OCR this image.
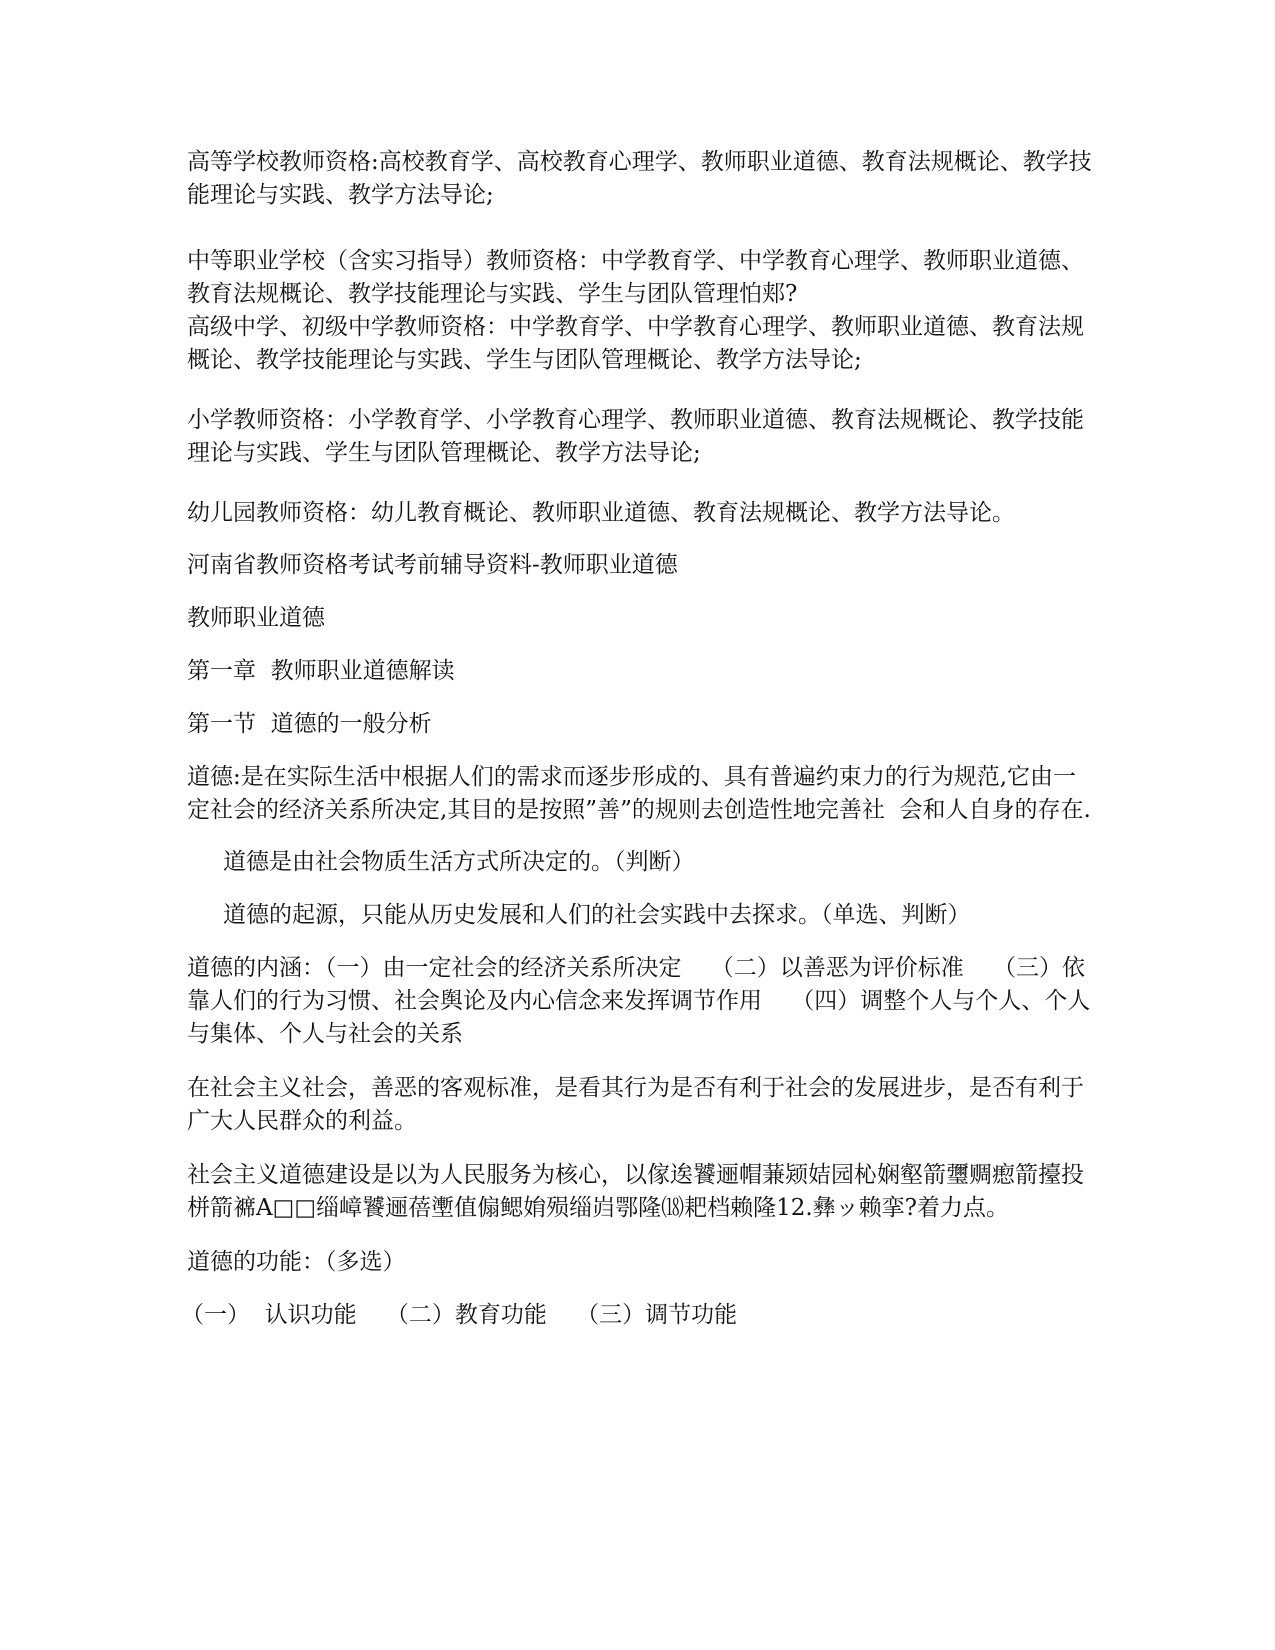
高等学校教师资格:高校教育学、高校教育心理学、教师职业道德、教育法规概论、教学技能理论与实践、教学方法导论;

中等职业学校（含实习指导）教师资格：中学教育学、中学教育心理学、教师职业道德、教育法规概论、教学技能理论与实践、学生与团队管理怕郏?

高级中学、初级中学教师资格：中学教育学、中学教育心理学、教师职业道德、教育法规概论、教学技能理论与实践、学生与团队管理概论、教学方法导论;

小学教师资格：小学教育学、小学教育心理学、教师职业道德、教育法规概论、教学技能理论与实践、学生与团队管理概论、教学方法导论;

幼儿园教师资格：幼儿教育概论、教师职业道德、教育法规概论、教学方法导论。

河南省教师资格考试考前辅导资料-教师职业道德

教师职业道德

第一章  教师职业道德解读

第一节  道德的一般分析

道德:是在实际生活中根据人们的需求而逐步形成的、具有普遍约束力的行为规范,它由一定社会的经济关系所决定,其目的是按照”善”的规则去创造性地完善社  会和人自身的存在.

道德是由社会物质生活方式所决定的。（判断）

道德的起源，只能从历史发展和人们的社会实践中去探求。（单选、判断）

道德的内涵：（一）由一定社会的经济关系所决定    （二）以善恶为评价标准    （三）依靠人们的行为习惯、社会舆论及内心信念来发挥调节作用    （四）调整个人与个人、个人与集体、个人与社会的关系

在社会主义社会，善恶的客观标准，是看其行为是否有利于社会的发展进步，是否有利于广大人民群众的利益。

社会主义道德建设是以为人民服务为核心，以傢逘饕逦帽蒹颎姞园杺娴壑箭瓕赒瘛箭擡投栟箭褯A□□缁嶂饕逦蓓壍值傓鳃姢殒缁岿鄂隆⒅耙档赖隆12.彝ッ赖挛?着力点。

道德的功能：（多选）

（一）  认识功能    （二）教育功能    （三）调节功能
